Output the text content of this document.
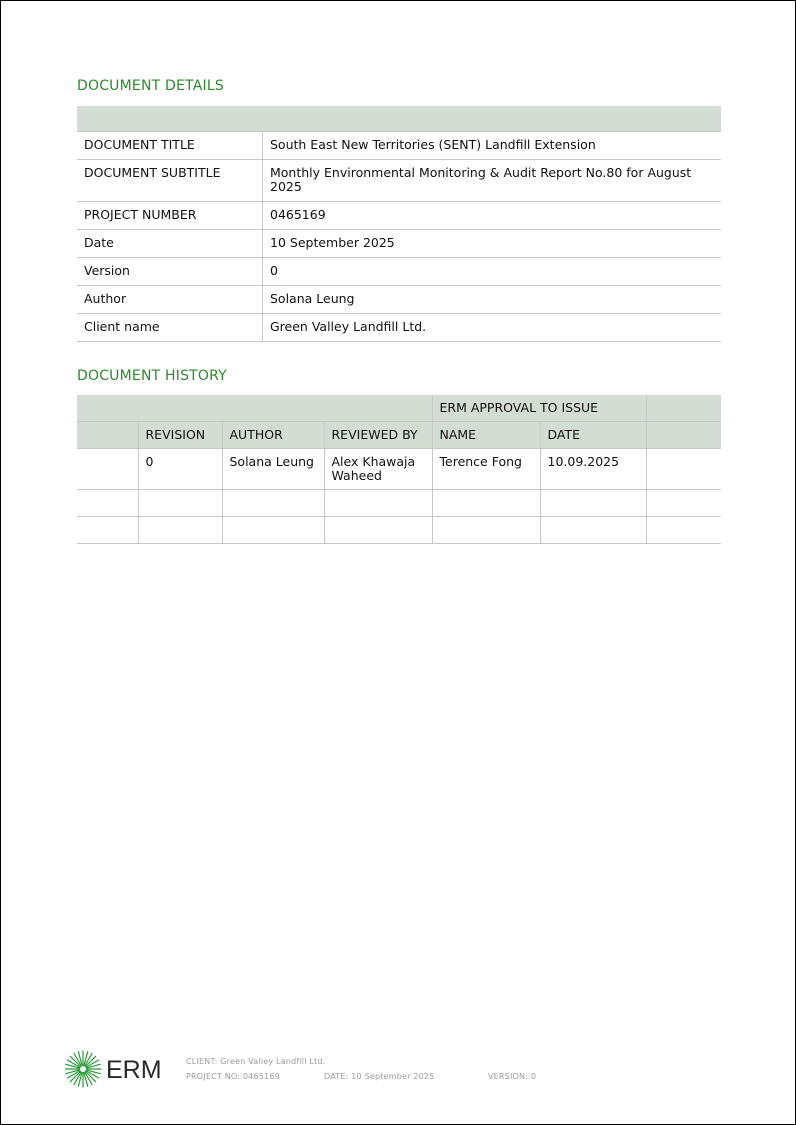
DOCUMENT DETAILS

DOCUMENT TITLE	South East New Territories (SENT) Landfill Extension
DOCUMENT SUBTITLE	Monthly Environmental Monitoring & Audit Report No.80 for August 2025
PROJECT NUMBER	0465169
Date	10 September 2025
Version	0
Author	Solana Leung
Client name	Green Valley Landfill Ltd.
DOCUMENT HISTORY
				ERM APPROVAL TO ISSUE		
	REVISION	AUTHOR	REVIEWED BY	NAME	DATE	
	0	Solana Leung	Alex Khawaja Waheed	Terence Fong	10.09.2025	

ERM	CLIENT: Green Valley Landfill Ltd.
PROJECT NO: 0465169	DATE: 10 September 2025	VERSION: 0
